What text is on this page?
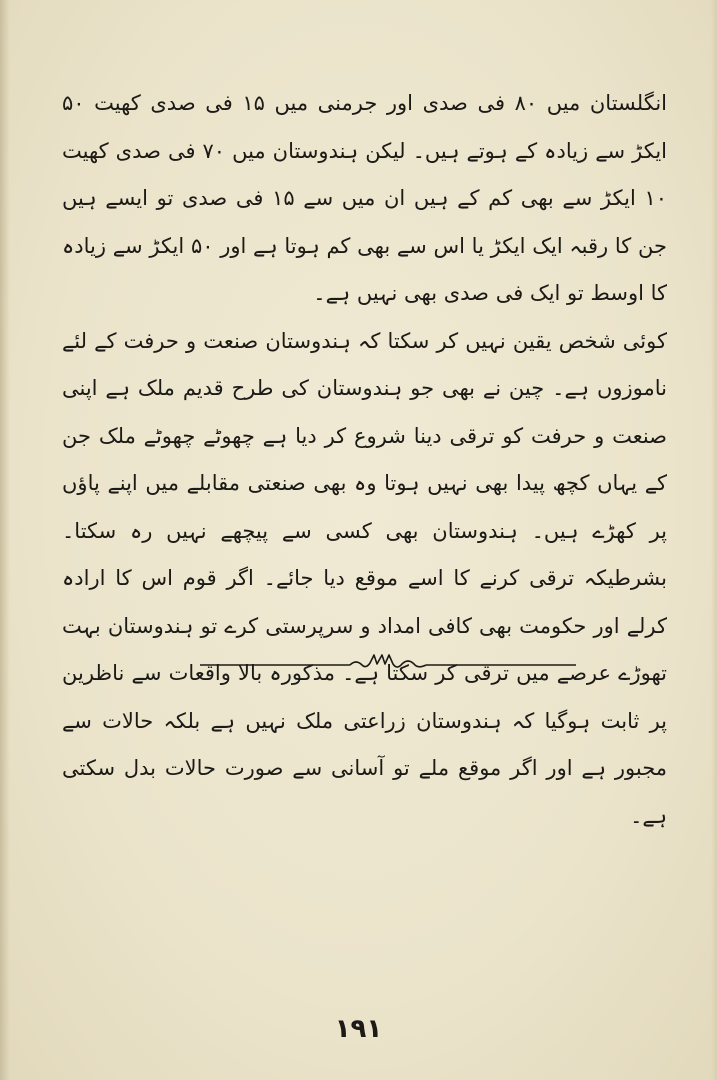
انگلستان میں ۸۰ فی صدی اور جرمنی میں ۱۵ فی صدی کھیت ۵۰ ایکڑ سے زیادہ کے ہوتے ہیں۔ لیکن ہندوستان میں ۷۰ فی صدی کھیت ۱۰ ایکڑ سے بھی کم کے ہیں ان میں سے ۱۵ فی صدی تو ایسے ہیں جن کا رقبہ ایک ایکڑ یا اس سے بھی کم ہوتا ہے اور ۵۰ ایکڑ سے زیادہ کا اوسط تو ایک فی صدی بھی نہیں ہے۔

کوئی شخص یقین نہیں کر سکتا کہ ہندوستان صنعت و حرفت کے لئے ناموزوں ہے۔ چین نے بھی جو ہندوستان کی طرح قدیم ملک ہے اپنی صنعت و حرفت کو ترقی دینا شروع کر دیا ہے چھوٹے چھوٹے ملک جن کے یہاں کچھ پیدا بھی نہیں ہوتا وہ بھی صنعتی مقابلے میں اپنے پاؤں پر کھڑے ہیں۔ ہندوستان بھی کسی سے پیچھے نہیں رہ سکتا۔ بشرطیکہ ترقی کرنے کا اسے موقع دیا جائے۔ اگر قوم اس کا ارادہ کرلے اور حکومت بھی کافی امداد و سرپرستی کرے تو ہندوستان بہت تھوڑے عرصے میں ترقی کر سکتا ہے۔ مذکورہ بالا واقعات سے ناظرین پر ثابت ہوگیا کہ ہندوستان زراعتی ملک نہیں ہے بلکہ حالات سے مجبور ہے اور اگر موقع ملے تو آسانی سے صورت حالات بدل سکتی ہے۔

۱۹۱
